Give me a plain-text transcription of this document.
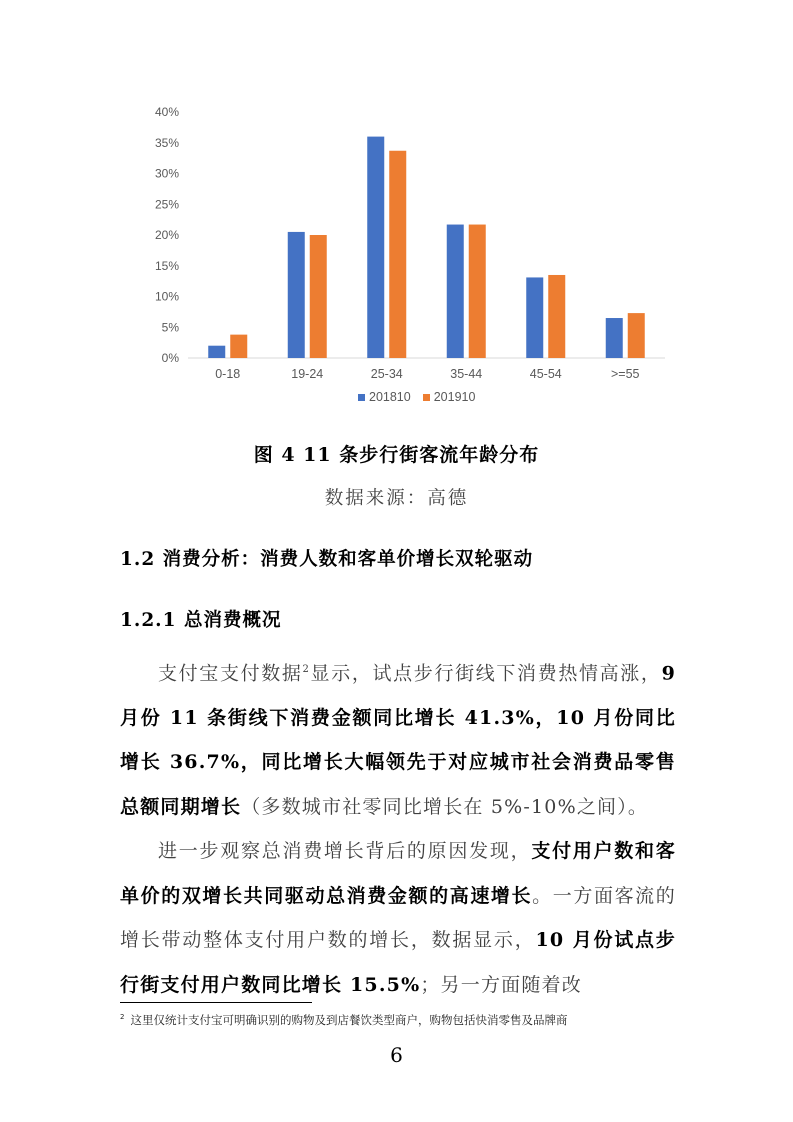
0%
5%
10%
15%
20%
25%
30%
35%
40%
0-18	19-24	25-34	35-44	45-54	>=55
201810 201910
图 4 11 条步行街客流年龄分布
数据来源：高德
1.2 消费分析：消费人数和客单价增长双轮驱动
1.2.1 总消费概况

支付宝支付数据$^2$显示，试点步行街线下消费热情高涨，9 月份 11 条街线下消费金额同比增长 41.3%，10 月份同比增长 36.7%，同比增长大幅领先于对应城市社会消费品零售总额同期增长（多数城市社零同比增长在 5%-10%之间）。

进一步观察总消费增长背后的原因发现，支付用户数和客单价的双增长共同驱动总消费金额的高速增长。一方面客流的增长带动整体支付用户数的增长，数据显示，10 月份试点步行街支付用户数同比增长 15.5%；另一方面随着改

$^2$ 这里仅统计支付宝可明确识别的购物及到店餐饮类型商户，购物包括快消零售及品牌商
6
